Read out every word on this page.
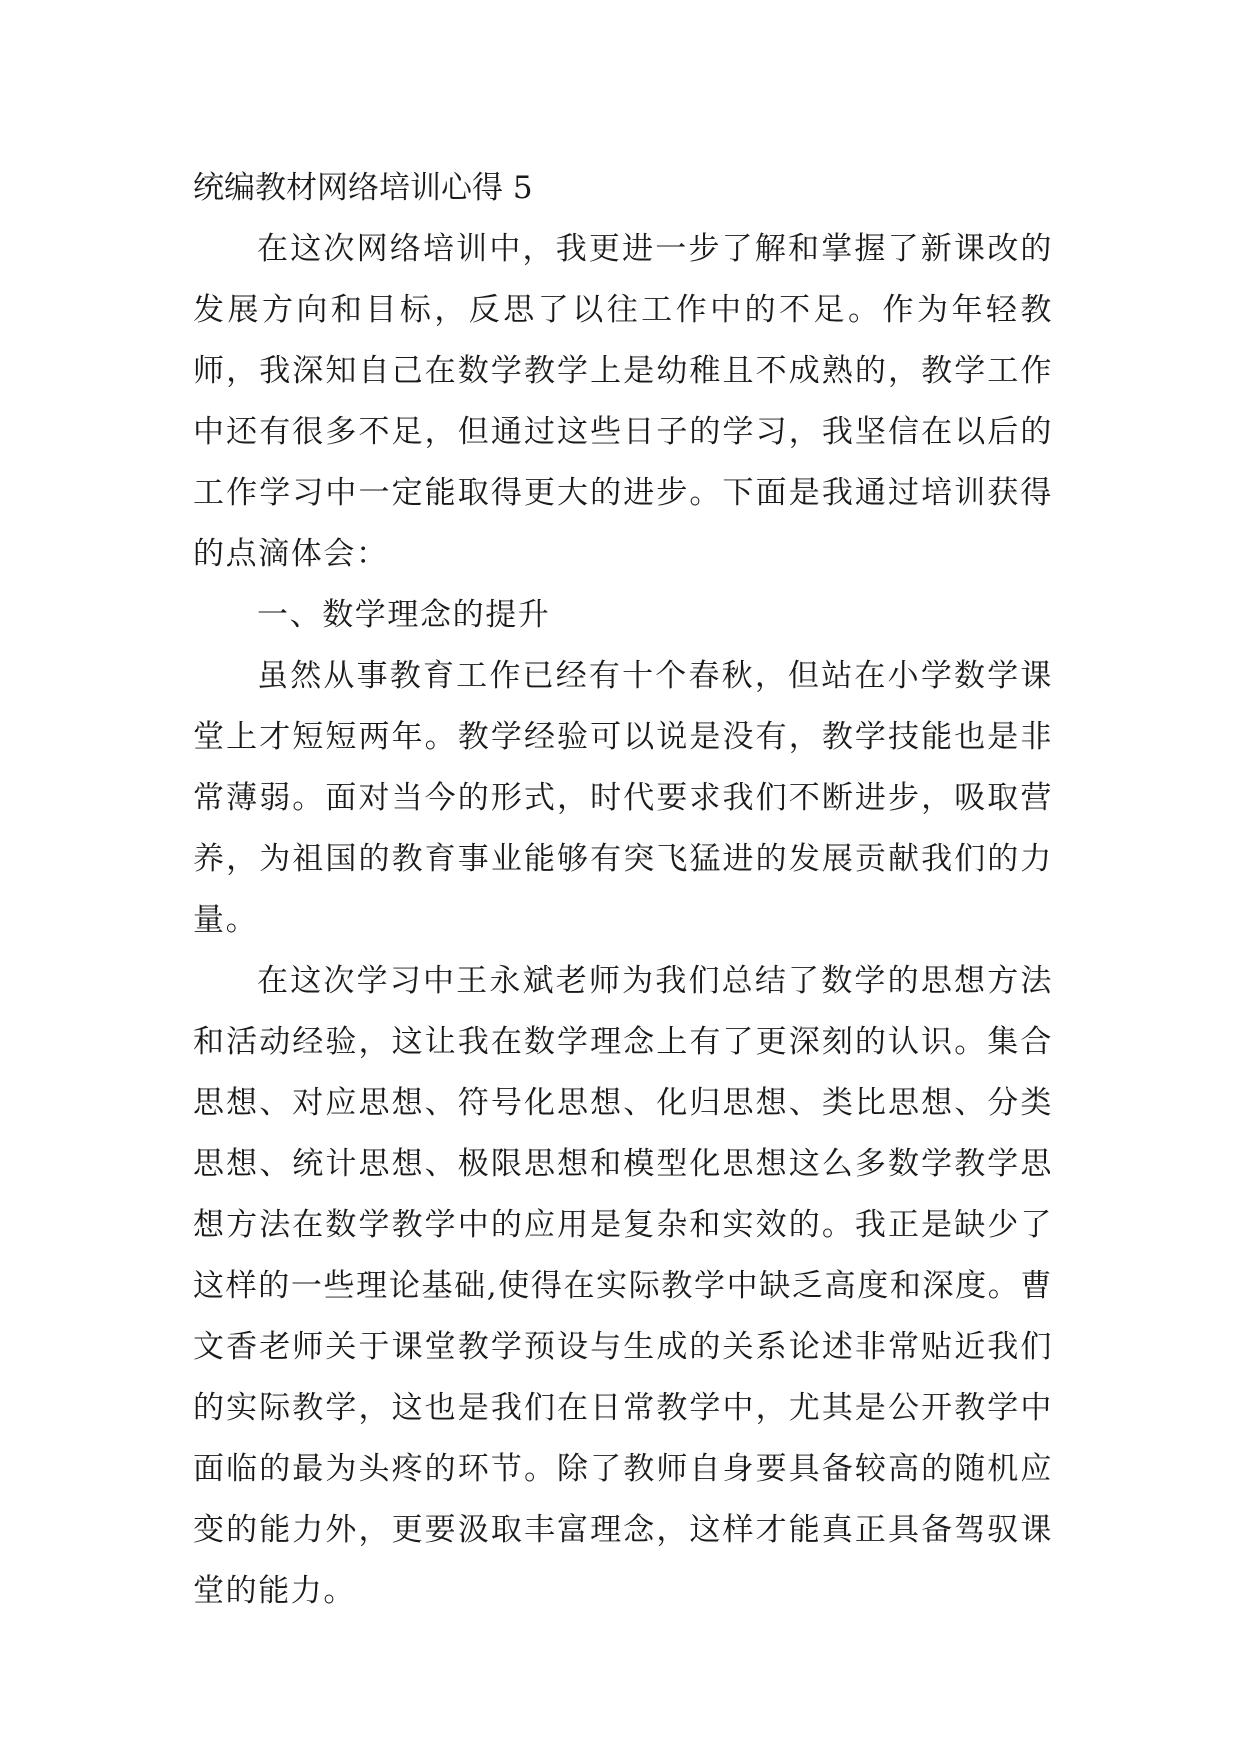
统编教材网络培训心得 5

在这次网络培训中，我更进一步了解和掌握了新课改的发展方向和目标，反思了以往工作中的不足。作为年轻教师，我深知自己在数学教学上是幼稚且不成熟的，教学工作中还有很多不足，但通过这些日子的学习，我坚信在以后的工作学习中一定能取得更大的进步。下面是我通过培训获得的点滴体会：

一、数学理念的提升

虽然从事教育工作已经有十个春秋，但站在小学数学课堂上才短短两年。教学经验可以说是没有，教学技能也是非常薄弱。面对当今的形式，时代要求我们不断进步，吸取营养，为祖国的教育事业能够有突飞猛进的发展贡献我们的力量。

在这次学习中王永斌老师为我们总结了数学的思想方法和活动经验，这让我在数学理念上有了更深刻的认识。集合思想、对应思想、符号化思想、化归思想、类比思想、分类思想、统计思想、极限思想和模型化思想这么多数学教学思想方法在数学教学中的应用是复杂和实效的。我正是缺少了这样的一些理论基础,使得在实际教学中缺乏高度和深度。曹文香老师关于课堂教学预设与生成的关系论述非常贴近我们的实际教学，这也是我们在日常教学中，尤其是公开教学中面临的最为头疼的环节。除了教师自身要具备较高的随机应变的能力外，更要汲取丰富理念，这样才能真正具备驾驭课堂的能力。
